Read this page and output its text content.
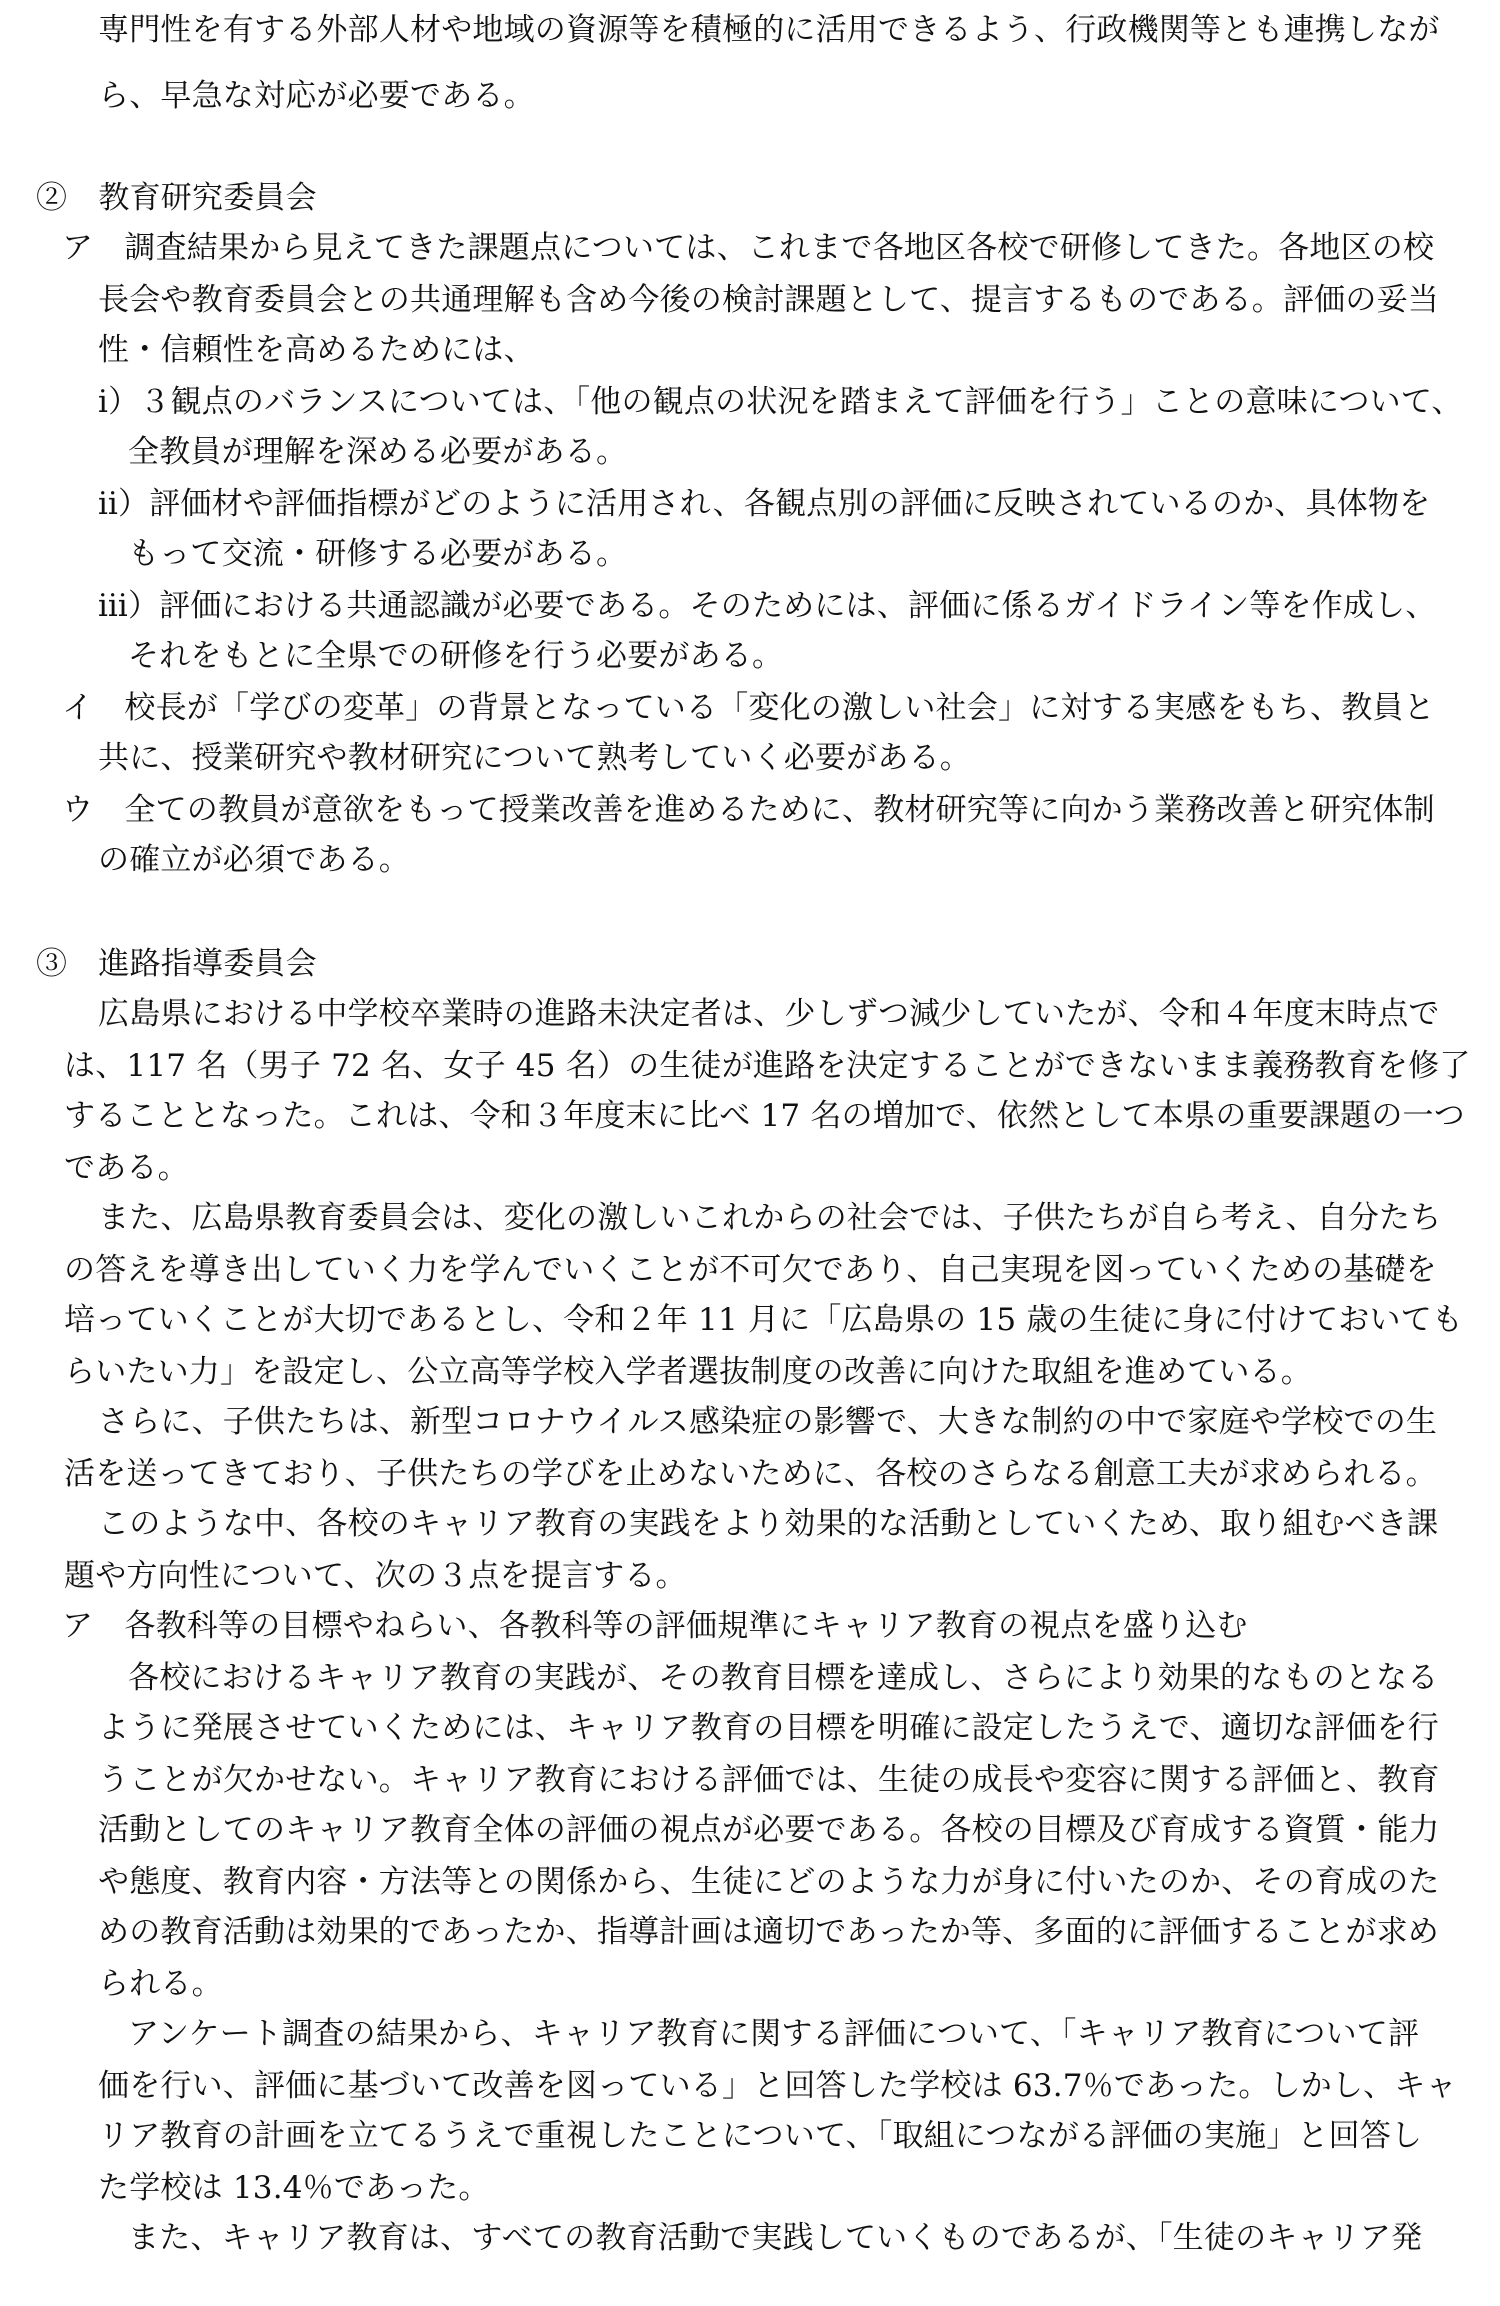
専門性を有する外部人材や地域の資源等を積極的に活用できるよう、行政機関等とも連携しなが
ら、早急な対応が必要である。
②　教育研究委員会
ア　調査結果から見えてきた課題点については、これまで各地区各校で研修してきた。各地区の校
長会や教育委員会との共通理解も含め今後の検討課題として、提言するものである。評価の妥当
性・信頼性を高めるためには、
ⅰ）３観点のバランスについては、「他の観点の状況を踏まえて評価を行う」ことの意味について、
全教員が理解を深める必要がある。
ⅱ）評価材や評価指標がどのように活用され、各観点別の評価に反映されているのか、具体物を
もって交流・研修する必要がある。
ⅲ）評価における共通認識が必要である。そのためには、評価に係るガイドライン等を作成し、
それをもとに全県での研修を行う必要がある。
イ　校長が「学びの変革」の背景となっている「変化の激しい社会」に対する実感をもち、教員と
共に、授業研究や教材研究について熟考していく必要がある。
ウ　全ての教員が意欲をもって授業改善を進めるために、教材研究等に向かう業務改善と研究体制
の確立が必須である。
③　進路指導委員会
広島県における中学校卒業時の進路未決定者は、少しずつ減少していたが、令和４年度末時点で
は、117 名（男子 72 名、女子 45 名）の生徒が進路を決定することができないまま義務教育を修了
することとなった。これは、令和３年度末に比べ 17 名の増加で、依然として本県の重要課題の一つ
である。
また、広島県教育委員会は、変化の激しいこれからの社会では、子供たちが自ら考え、自分たち
の答えを導き出していく力を学んでいくことが不可欠であり、自己実現を図っていくための基礎を
培っていくことが大切であるとし、令和２年 11 月に「広島県の 15 歳の生徒に身に付けておいても
らいたい力」を設定し、公立高等学校入学者選抜制度の改善に向けた取組を進めている。
さらに、子供たちは、新型コロナウイルス感染症の影響で、大きな制約の中で家庭や学校での生
活を送ってきており、子供たちの学びを止めないために、各校のさらなる創意工夫が求められる。
このような中、各校のキャリア教育の実践をより効果的な活動としていくため、取り組むべき課
題や方向性について、次の３点を提言する。
ア　各教科等の目標やねらい、各教科等の評価規準にキャリア教育の視点を盛り込む
各校におけるキャリア教育の実践が、その教育目標を達成し、さらにより効果的なものとなる
ように発展させていくためには、キャリア教育の目標を明確に設定したうえで、適切な評価を行
うことが欠かせない。キャリア教育における評価では、生徒の成長や変容に関する評価と、教育
活動としてのキャリア教育全体の評価の視点が必要である。各校の目標及び育成する資質・能力
や態度、教育内容・方法等との関係から、生徒にどのような力が身に付いたのか、その育成のた
めの教育活動は効果的であったか、指導計画は適切であったか等、多面的に評価することが求め
られる。
アンケート調査の結果から、キャリア教育に関する評価について、「キャリア教育について評
価を行い、評価に基づいて改善を図っている」と回答した学校は 63.7％であった。しかし、キャ
リア教育の計画を立てるうえで重視したことについて、「取組につながる評価の実施」と回答し
た学校は 13.4％であった。
また、キャリア教育は、すべての教育活動で実践していくものであるが、「生徒のキャリア発
